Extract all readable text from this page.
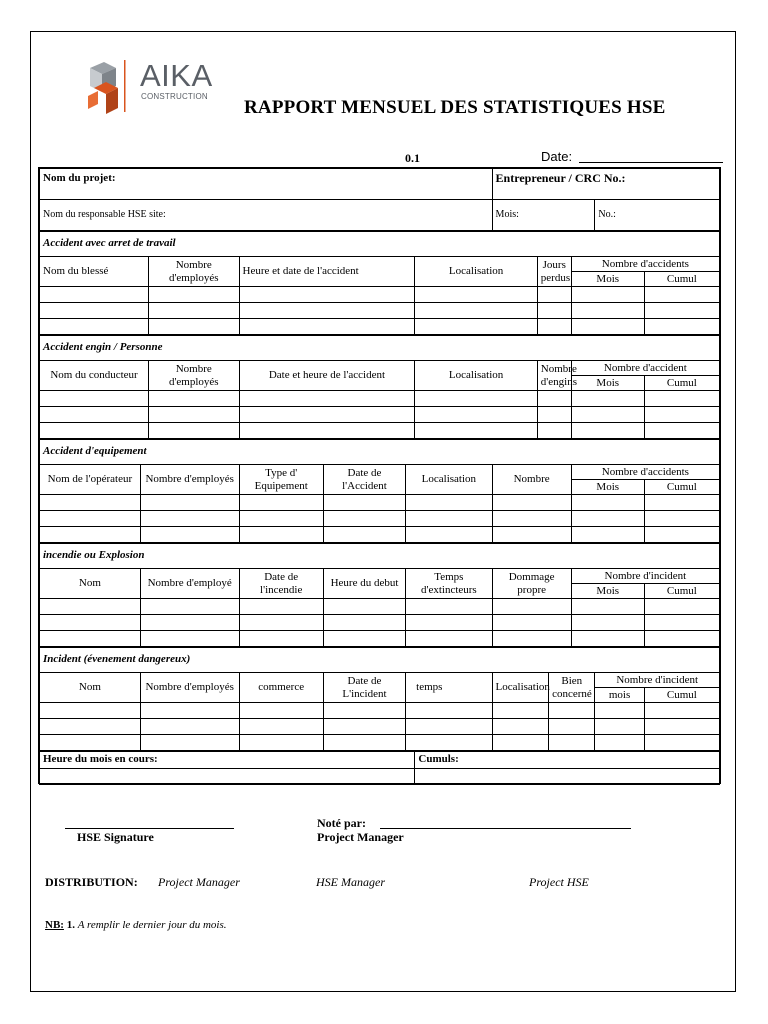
AIKA
CONSTRUCTION
RAPPORT MENSUEL DES STATISTIQUES HSE
0.1	Date:
Nom du projet:							Entrepreneur / CRC No.:					
Nom du responsable HSE site:							Mois:				No.:	
Accident avec arret de travail												
Nom du blessé		Nombre d'employés	Heure et date de l'accident			Localisation		Jours perdus		Nombre d'accidents		
										Mois		Cumul

Accident engin / Personne												
Nom du conducteur		Nombre d'employés	Date et heure de l'accident			Localisation		Nombre d'engins		Nombre d'accident		
										Mois		Cumul

Accident d'equipement												
Nom de l'opérateur	Nombre d'employés		Type d' Equipement	Date de l'Accident	Localisation		Nombre			Nombre d'accidents		
										Mois		Cumul

incendie ou Explosion												
Nom	Nombre d'employé		Date de l'incendie	Heure du debut	Temps d'extincteurs		Dommage propre			Nombre d'incident		
										Mois		Cumul

Incident (évenement dangereux)												
Nom	Nombre d'employés		commerce	Date de L'incident	temps		Localisation		Bien concerné		Nombre d'incident	
											mois	Cumul

Heure du mois en cours:						Cumuls:						

HSE Signature
Noté par:
Project Manager
DISTRIBUTION: Project Manager	HSE Manager	Project HSE
NB: 1. A remplir le dernier jour du mois.
